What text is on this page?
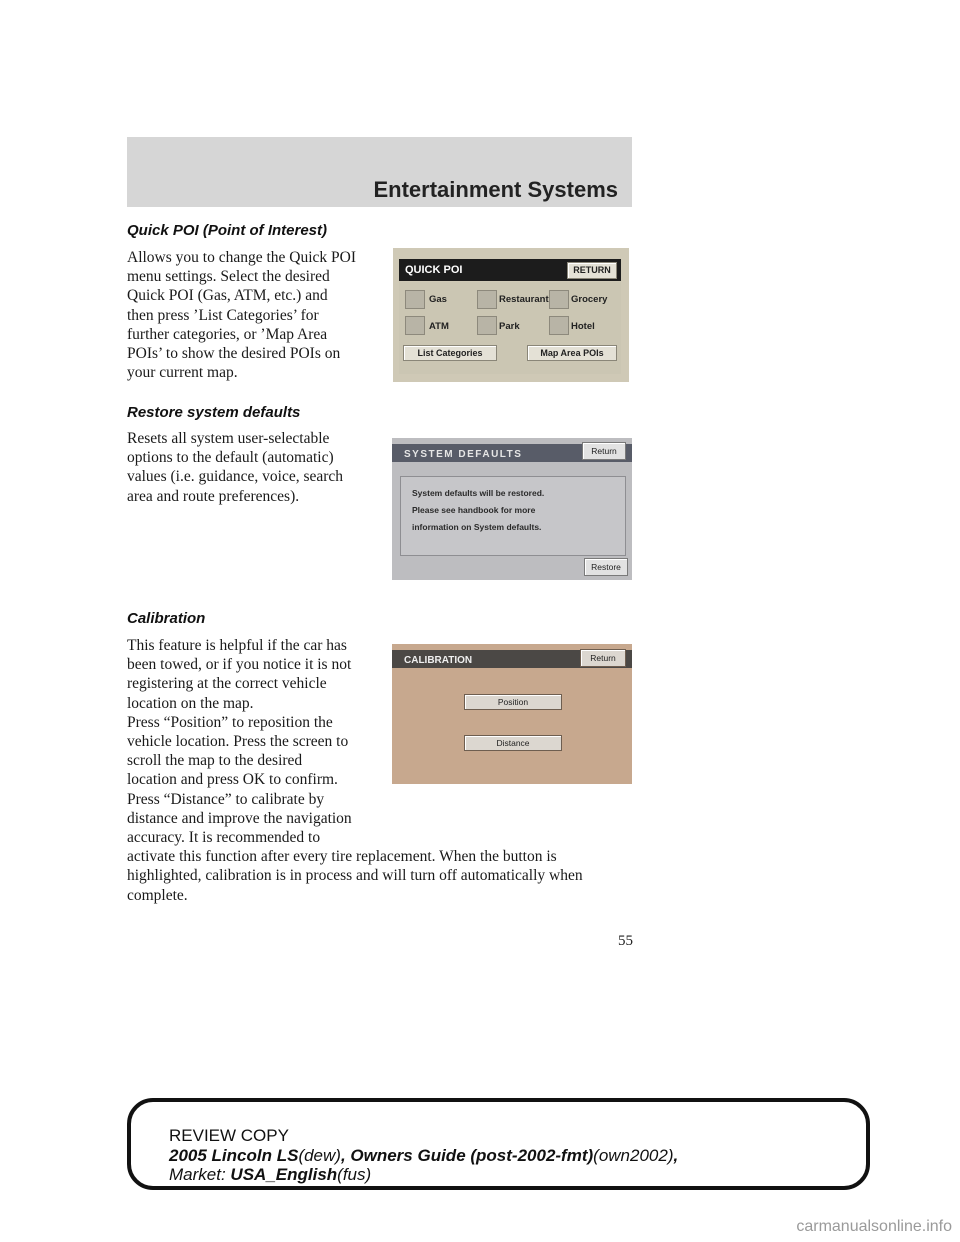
Entertainment Systems
Quick POI (Point of Interest)
Allows you to change the Quick POI
menu settings. Select the desired
Quick POI (Gas, ATM, etc.) and
then press ’List Categories’ for
further categories, or ’Map Area
POIs’ to show the desired POIs on
your current map.
QUICK POI	RETURN
Gas	Restaurant Grocery
ATM	Park	Hotel
List Categories	Map Area POIs
Restore system defaults
Resets all system user-selectable
options to the default (automatic)
values (i.e. guidance, voice, search
area and route preferences).
SYSTEM DEFAULTS	Return
System defaults will be restored.
Please see handbook for more
information on System defaults.
Restore
Calibration
This feature is helpful if the car has
been towed, or if you notice it is not
registering at the correct vehicle
location on the map.
Press “Position” to reposition the
vehicle location. Press the screen to
scroll the map to the desired
location and press OK to confirm.
Press “Distance” to calibrate by
distance and improve the navigation
accuracy. It is recommended to
activate this function after every tire replacement. When the button is
highlighted, calibration is in process and will turn off automatically when
complete.
CALIBRATION	Return
Position
Distance
55
REVIEW COPY
2005 Lincoln LS(dew), Owners Guide (post-2002-fmt)(own2002),
Market: USA_English(fus)
carmanualsonline.info
